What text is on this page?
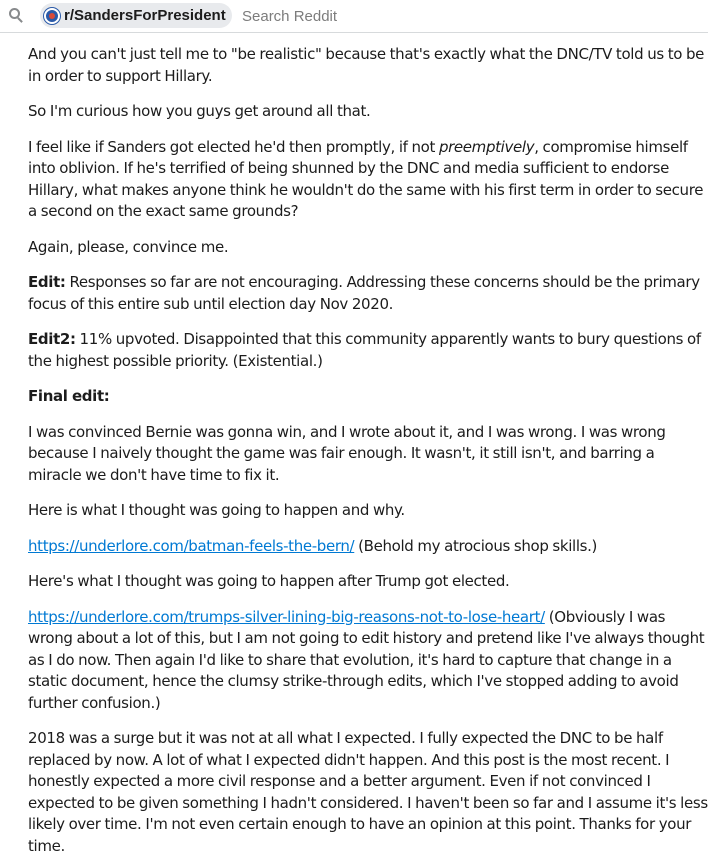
r/SandersForPresident
Search Reddit

And you can't just tell me to "be realistic" because that's exactly what the DNC/TV told us to be in order to support Hillary.

So I'm curious how you guys get around all that.

I feel like if Sanders got elected he'd then promptly, if not preemptively, compromise himself into oblivion. If he's terrified of being shunned by the DNC and media sufficient to endorse Hillary, what makes anyone think he wouldn't do the same with his first term in order to secure a second on the exact same grounds?

Again, please, convince me.

Edit: Responses so far are not encouraging. Addressing these concerns should be the primary focus of this entire sub until election day Nov 2020.

Edit2: 11% upvoted. Disappointed that this community apparently wants to bury questions of the highest possible priority. (Existential.)

Final edit:

I was convinced Bernie was gonna win, and I wrote about it, and I was wrong. I was wrong because I naively thought the game was fair enough. It wasn't, it still isn't, and barring a miracle we don't have time to fix it.

Here is what I thought was going to happen and why.

https://underlore.com/batman-feels-the-bern/ (Behold my atrocious shop skills.)

Here's what I thought was going to happen after Trump got elected.

https://underlore.com/trumps-silver-lining-big-reasons-not-to-lose-heart/ (Obviously I was wrong about a lot of this, but I am not going to edit history and pretend like I've always thought as I do now. Then again I'd like to share that evolution, it's hard to capture that change in a static document, hence the clumsy strike-through edits, which I've stopped adding to avoid further confusion.)

2018 was a surge but it was not at all what I expected. I fully expected the DNC to be half replaced by now. A lot of what I expected didn't happen. And this post is the most recent. I honestly expected a more civil response and a better argument. Even if not convinced I expected to be given something I hadn't considered. I haven't been so far and I assume it's less likely over time. I'm not even certain enough to have an opinion at this point. Thanks for your time.
